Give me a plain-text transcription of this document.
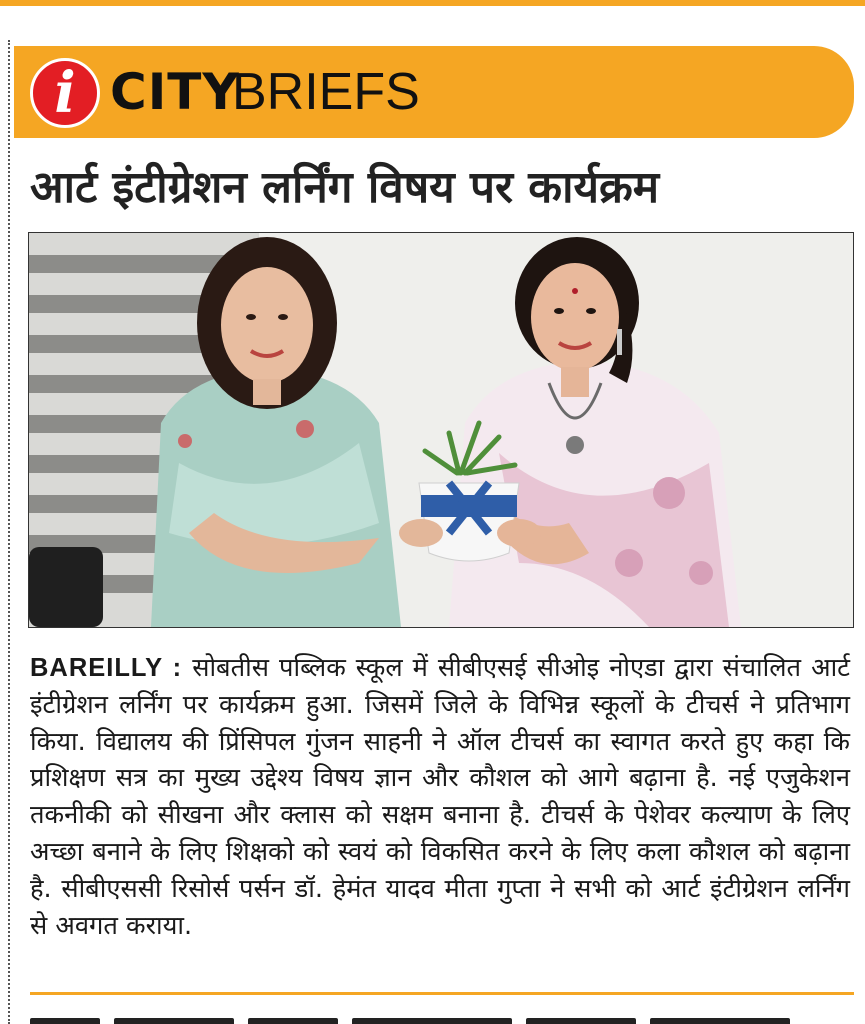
i CITY
BRIEFS
आर्ट इंटीग्रेशन लर्निंग विषय पर कार्यक्रम
BAREILLY : सोबतीस पब्लिक स्कूल में सीबीएसई सीओइ नोएडा द्वारा संचालित आर्ट इंटीग्रेशन लर्निंग पर कार्यक्रम हुआ. जिसमें जिले के विभिन्न स्कूलों के टीचर्स ने प्रतिभाग किया. विद्यालय की प्रिंसिपल गुंजन साहनी ने ऑल टीचर्स का स्वागत करते हुए कहा कि प्रशिक्षण सत्र का मुख्य उद्देश्य विषय ज्ञान और कौशल को आगे बढ़ाना है. नई एजुकेशन तकनीकी को सीखना और क्लास को सक्षम बनाना है. टीचर्स के पेशेवर कल्याण के लिए अच्छा बनाने के लिए शिक्षको को स्वयं को विकसित करने के लिए कला कौशल को बढ़ाना है. सीबीएससी रिसोर्स पर्सन डॉ. हेमंत यादव मीता गुप्ता ने सभी को आर्ट इंटीग्रेशन लर्निंग से अवगत कराया.
